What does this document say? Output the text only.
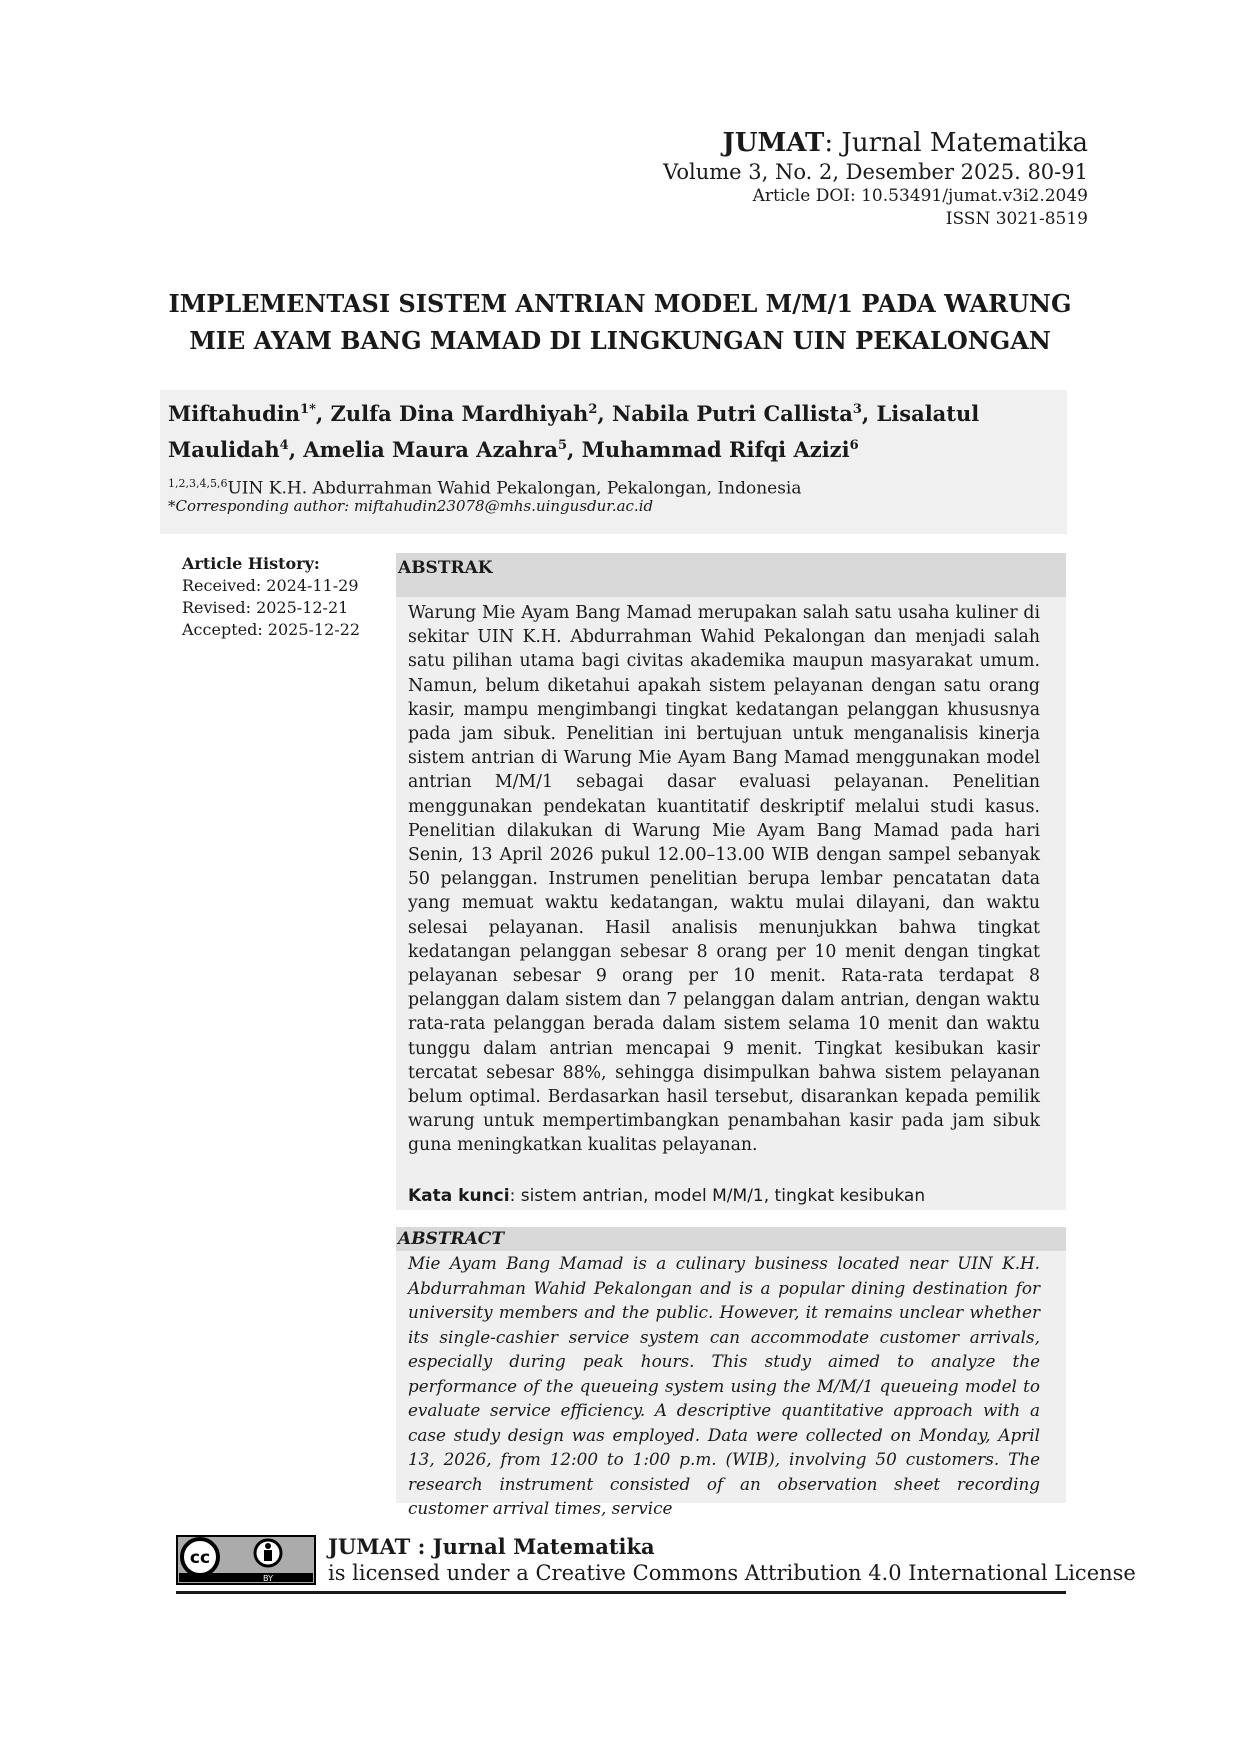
JUMAT: Jurnal Matematika
Volume 3, No. 2, Desember 2025. 80-91
Article DOI: 10.53491/jumat.v3i2.2049
ISSN 3021-8519
IMPLEMENTASI SISTEM ANTRIAN MODEL M/M/1 PADA WARUNG
MIE AYAM BANG MAMAD DI LINGKUNGAN UIN PEKALONGAN
Miftahudin$^{1*}$, Zulfa Dina Mardhiyah$^2$, Nabila Putri Callista$^3$, Lisalatul Maulidah$^4$, Amelia Maura Azahra$^5$, Muhammad Rifqi Azizi$^6$
$^{1,2,3,4,5,6}$UIN K.H. Abdurrahman Wahid Pekalongan, Pekalongan, Indonesia
*Corresponding author: miftahudin23078@mhs.uingusdur.ac.id
Article History:
Received: 2024-11-29
Revised: 2025-12-21
Accepted: 2025-12-22
ABSTRAK

Warung Mie Ayam Bang Mamad merupakan salah satu usaha kuliner di sekitar UIN K.H. Abdurrahman Wahid Pekalongan dan menjadi salah satu pilihan utama bagi civitas akademika maupun masyarakat umum. Namun, belum diketahui apakah sistem pelayanan dengan satu orang kasir, mampu mengimbangi tingkat kedatangan pelanggan khususnya pada jam sibuk. Penelitian ini bertujuan untuk menganalisis kinerja sistem antrian di Warung Mie Ayam Bang Mamad menggunakan model antrian M/M/1 sebagai dasar evaluasi pelayanan. Penelitian menggunakan pendekatan kuantitatif deskriptif melalui studi kasus. Penelitian dilakukan di Warung Mie Ayam Bang Mamad pada hari Senin, 13 April 2026 pukul 12.00–13.00 WIB dengan sampel sebanyak 50 pelanggan. Instrumen penelitian berupa lembar pencatatan data yang memuat waktu kedatangan, waktu mulai dilayani, dan waktu selesai pelayanan. Hasil analisis menunjukkan bahwa tingkat kedatangan pelanggan sebesar 8 orang per 10 menit dengan tingkat pelayanan sebesar 9 orang per 10 menit. Rata-rata terdapat 8 pelanggan dalam sistem dan 7 pelanggan dalam antrian, dengan waktu rata-rata pelanggan berada dalam sistem selama 10 menit dan waktu tunggu dalam antrian mencapai 9 menit. Tingkat kesibukan kasir tercatat sebesar 88%, sehingga disimpulkan bahwa sistem pelayanan belum optimal. Berdasarkan hasil tersebut, disarankan kepada pemilik warung untuk mempertimbangkan penambahan kasir pada jam sibuk guna meningkatkan kualitas pelayanan.

Kata kunci: sistem antrian, model M/M/1, tingkat kesibukan
ABSTRACT

Mie Ayam Bang Mamad is a culinary business located near UIN K.H. Abdurrahman Wahid Pekalongan and is a popular dining destination for university members and the public. However, it remains unclear whether its single-cashier service system can accommodate customer arrivals, especially during peak hours. This study aimed to analyze the performance of the queueing system using the M/M/1 queueing model to evaluate service efficiency. A descriptive quantitative approach with a case study design was employed. Data were collected on Monday, April 13, 2026, from 12:00 to 1:00 p.m. (WIB), involving 50 customers. The research instrument consisted of an observation sheet recording customer arrival times, service

cc
BY
JUMAT : Jurnal Matematika
is licensed under a Creative Commons Attribution 4.0 International License
